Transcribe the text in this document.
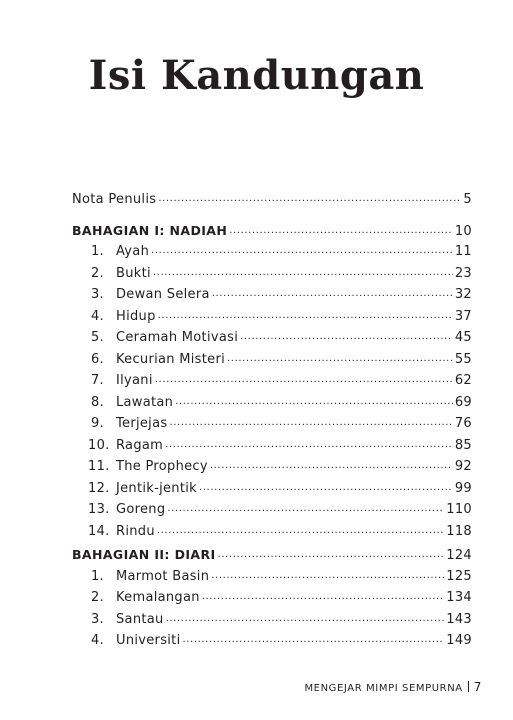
Isi Kandungan
Nota Penulis .....	5
BAHAGIAN I: NADIAH .....	10
1. Ayah .....	11
2. Bukti .....	23
3. Dewan Selera .....	32
4. Hidup .....	37
5. Ceramah Motivasi .....	45
6. Kecurian Misteri .....	55
7. Ilyani .....	62
8. Lawatan .....	69
9. Terjejas .....	76
10. Ragam .....	85
11. The Prophecy .....	92
12. Jentik-jentik .....	99
13. Goreng .....	110
14. Rindu .....	118
BAHAGIAN II: DIARI .....	124
1. Marmot Basin .....	125
2. Kemalangan .....	134
3. Santau .....	143
4. Universiti .....	149
MENGEJAR MIMPI SEMPURNA 7
